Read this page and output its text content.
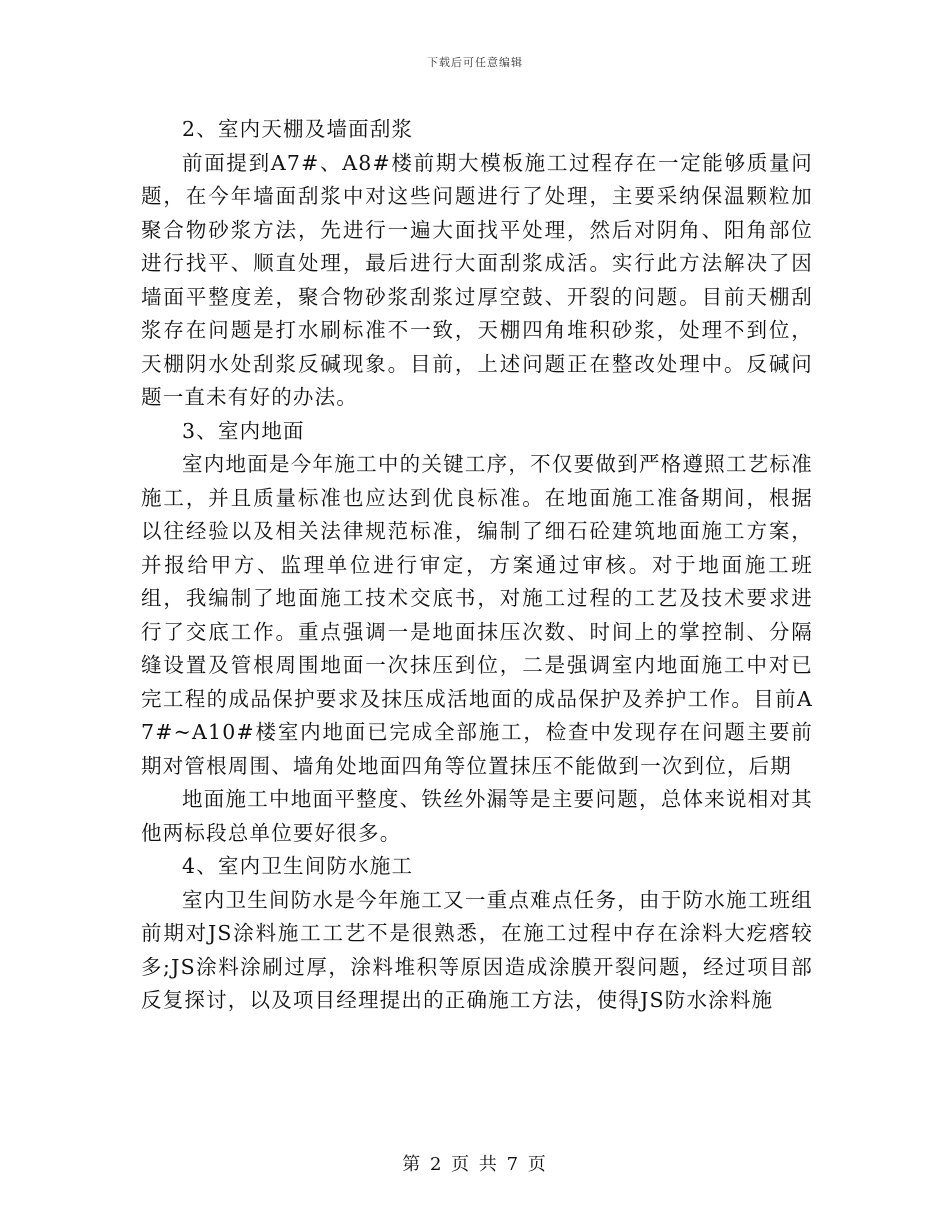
下载后可任意编辑

2、室内天棚及墙面刮浆

前面提到A7#、A8#楼前期大模板施工过程存在一定能够质量问题，在今年墙面刮浆中对这些问题进行了处理，主要采纳保温颗粒加聚合物砂浆方法，先进行一遍大面找平处理，然后对阴角、阳角部位进行找平、顺直处理，最后进行大面刮浆成活。实行此方法解决了因墙面平整度差，聚合物砂浆刮浆过厚空鼓、开裂的问题。目前天棚刮浆存在问题是打水刷标准不一致，天棚四角堆积砂浆，处理不到位，天棚阴水处刮浆反碱现象。目前，上述问题正在整改处理中。反碱问题一直未有好的办法。

3、室内地面

室内地面是今年施工中的关键工序，不仅要做到严格遵照工艺标准施工，并且质量标准也应达到优良标准。在地面施工准备期间，根据以往经验以及相关法律规范标准，编制了细石砼建筑地面施工方案，并报给甲方、监理单位进行审定，方案通过审核。对于地面施工班组，我编制了地面施工技术交底书，对施工过程的工艺及技术要求进行了交底工作。重点强调一是地面抹压次数、时间上的掌控制、分隔缝设置及管根周围地面一次抹压到位，二是强调室内地面施工中对已完工程的成品保护要求及抹压成活地面的成品保护及养护工作。目前A7#~A10#楼室内地面已完成全部施工，检查中发现存在问题主要前期对管根周围、墙角处地面四角等位置抹压不能做到一次到位，后期

地面施工中地面平整度、铁丝外漏等是主要问题，总体来说相对其他两标段总单位要好很多。

4、室内卫生间防水施工

室内卫生间防水是今年施工又一重点难点任务，由于防水施工班组前期对JS涂料施工工艺不是很熟悉，在施工过程中存在涂料大疙瘩较多;JS涂料涂刷过厚，涂料堆积等原因造成涂膜开裂问题，经过项目部反复探讨，以及项目经理提出的正确施工方法，使得JS防水涂料施

第 2 页 共 7 页
